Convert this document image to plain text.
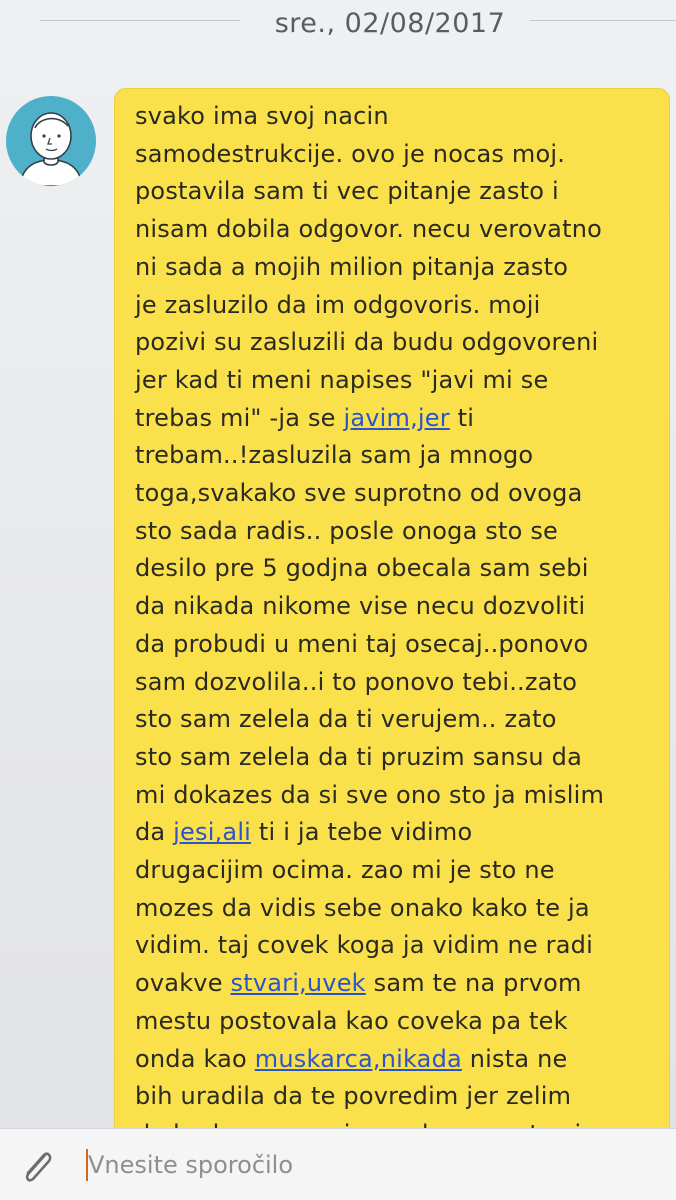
sre., 02/08/2017
svako ima svoj nacin
samodestrukcije. ovo je nocas moj.
postavila sam ti vec pitanje zasto i
nisam dobila odgovor. necu verovatno
ni sada a mojih milion pitanja zasto
je zasluzilo da im odgovoris. moji
pozivi su zasluzili da budu odgovoreni
jer kad ti meni napises "javi mi se
trebas mi" -ja se javim,jer ti
trebam..!zasluzila sam ja mnogo
toga,svakako sve suprotno od ovoga
sto sada radis.. posle onoga sto se
desilo pre 5 godjna obecala sam sebi
da nikada nikome vise necu dozvoliti
da probudi u meni taj osecaj..ponovo
sam dozvolila..i to ponovo tebi..zato
sto sam zelela da ti verujem.. zato
sto sam zelela da ti pruzim sansu da
mi dokazes da si sve ono sto ja mislim
da jesi,ali ti i ja tebe vidimo
drugacijim ocima. zao mi je sto ne
mozes da vidis sebe onako kako te ja
vidim. taj covek koga ja vidim ne radi
ovakve stvari,uvek sam te na prvom
mestu postovala kao coveka pa tek
onda kao muskarca,nikada nista ne
bih uradila da te povredim jer zelim

Vnesite sporočilo
